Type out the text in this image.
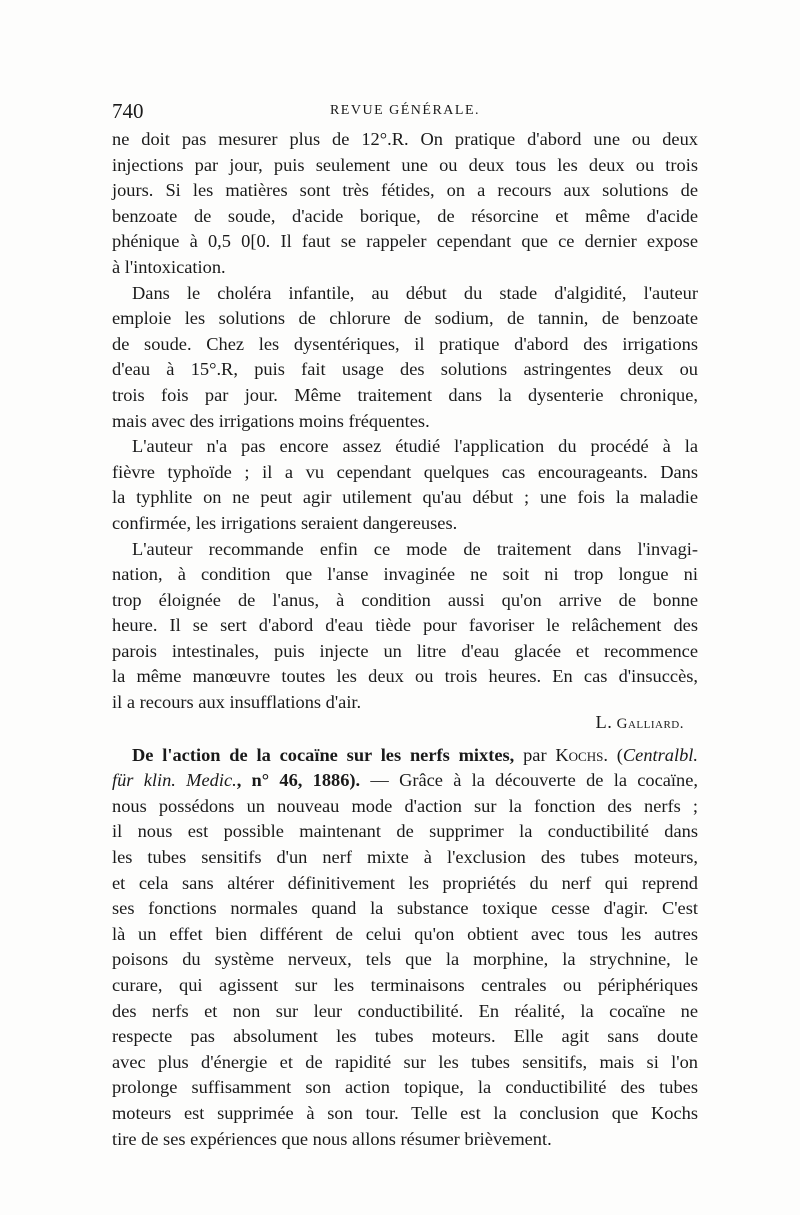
740	REVUE GÉNÉRALE.
ne doit pas mesurer plus de 12°.R. On pratique d'abord une ou deux
injections par jour, puis seulement une ou deux tous les deux ou trois
jours. Si les matières sont très fétides, on a recours aux solutions de
benzoate de soude, d'acide borique, de résorcine et même d'acide
phénique à 0,5 0[0. Il faut se rappeler cependant que ce dernier expose
à l'intoxication.
Dans le choléra infantile, au début du stade d'algidité, l'auteur
emploie les solutions de chlorure de sodium, de tannin, de benzoate
de soude. Chez les dysentériques, il pratique d'abord des irrigations
d'eau à 15°.R, puis fait usage des solutions astringentes deux ou
trois fois par jour. Même traitement dans la dysenterie chronique,
mais avec des irrigations moins fréquentes.
L'auteur n'a pas encore assez étudié l'application du procédé à la
fièvre typhoïde ; il a vu cependant quelques cas encourageants. Dans
la typhlite on ne peut agir utilement qu'au début ; une fois la maladie
confirmée, les irrigations seraient dangereuses.
L'auteur recommande enfin ce mode de traitement dans l'invagi-
nation, à condition que l'anse invaginée ne soit ni trop longue ni
trop éloignée de l'anus, à condition aussi qu'on arrive de bonne
heure. Il se sert d'abord d'eau tiède pour favoriser le relâchement des
parois intestinales, puis injecte un litre d'eau glacée et recommence
la même manœuvre toutes les deux ou trois heures. En cas d'insuccès,
il a recours aux insufflations d'air.
L. Galliard.
De l'action de la cocaïne sur les nerfs mixtes, par Kochs. (Centralbl.
für klin. Medic., n° 46, 1886). — Grâce à la découverte de la cocaïne,
nous possédons un nouveau mode d'action sur la fonction des nerfs ;
il nous est possible maintenant de supprimer la conductibilité dans
les tubes sensitifs d'un nerf mixte à l'exclusion des tubes moteurs,
et cela sans altérer définitivement les propriétés du nerf qui reprend
ses fonctions normales quand la substance toxique cesse d'agir. C'est
là un effet bien différent de celui qu'on obtient avec tous les autres
poisons du système nerveux, tels que la morphine, la strychnine, le
curare, qui agissent sur les terminaisons centrales ou périphériques
des nerfs et non sur leur conductibilité. En réalité, la cocaïne ne
respecte pas absolument les tubes moteurs. Elle agit sans doute
avec plus d'énergie et de rapidité sur les tubes sensitifs, mais si l'on
prolonge suffisamment son action topique, la conductibilité des tubes
moteurs est supprimée à son tour. Telle est la conclusion que Kochs
tire de ses expériences que nous allons résumer brièvement.
